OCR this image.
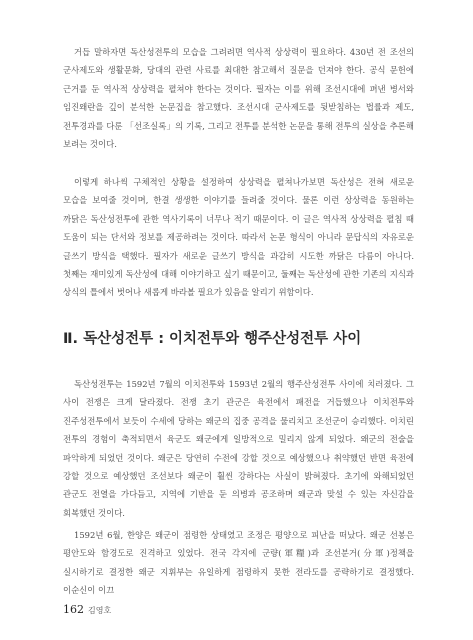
거듭 말하자면 독산성전투의 모습을 그려려면 역사적 상상력이 필요하다. 430년 전 조선의 군사제도와 생활문화, 당대의 관련 사료를 최대한 참고해서 질문을 던져야 한다. 공식 문헌에 근거를 둔 역사적 상상력을 펼쳐야 한다는 것이다. 필자는 이를 위해 조선시대에 펴낸 병서와 임진왜란을 깊이 분석한 논문집을 참고했다. 조선시대 군사제도를 뒷받침하는 법률과 제도, 전투경과를 다룬 「선조실록」의 기록, 그리고 전투를 분석한 논문을 통해 전투의 실상을 추론해 보려는 것이다.

이렇게 하나씩 구체적인 상황을 설정하여 상상력을 펼쳐나가보면 독산성은 전혀 새로운 모습을 보여줄 것이며, 한결 생생한 이야기를 들려줄 것이다. 물론 이런 상상력을 동원하는 까닭은 독산성전투에 관한 역사기록이 너무나 적기 때문이다. 이 글은 역사적 상상력을 펼침 때 도움이 되는 단서와 정보를 제공하려는 것이다. 따라서 논문 형식이 아니라 문답식의 자유로운 글쓰기 방식을 택했다. 필자가 새로운 글쓰기 방식을 과감히 시도한 까닭은 다름이 아니다. 첫째는 재미있게 독산성에 대해 이야기하고 싶기 때문이고, 둘째는 독산성에 관한 기존의 지식과 상식의 틀에서 벗어나 새롭게 바라볼 필요가 있음을 알리기 위함이다.

Ⅱ. 독산성전투 : 이치전투와 행주산성전투 사이

독산성전투는 1592년 7월의 이치전투와 1593년 2월의 행주산성전투 사이에 치러졌다. 그 사이 전쟁은 크게 달라졌다. 전쟁 초기 관군은 육전에서 패전을 거듭했으나 이치전투와 진주성전투에서 보듯이 수세에 당하는 왜군의 집중 공격을 물리치고 조선군이 승리했다. 이치린 전투의 경험이 축적되면서 육군도 왜군에게 일방적으로 밀리지 않게 되었다. 왜군의 전술을 파악하게 되었던 것이다. 왜군은 당연히 수전에 강할 것으로 예상했으나 취약했던 반면 육전에 강할 것으로 예상했던 조선보다 왜군이 훨씬 강하다는 사실이 밝혀졌다. 초기에 와해되었던 관군도 전열을 가다듬고, 지역에 기반을 둔 의병과 공조하며 왜군과 맞설 수 있는 자신감을 회복했던 것이다.

1592년 6월, 한양은 왜군이 점령한 상태였고 조정은 평양으로 피난을 떠났다. 왜군 선봉은 평안도와 함경도로 진격하고 있었다. 전국 각지에 군량(軍糧)과 조선분거(分軍)정책을 실시하기로 결정한 왜군 지휘부는 유일하게 점령하지 못한 전라도를 공략하기로 결정했다. 이순신이 이끄

162 김영호
